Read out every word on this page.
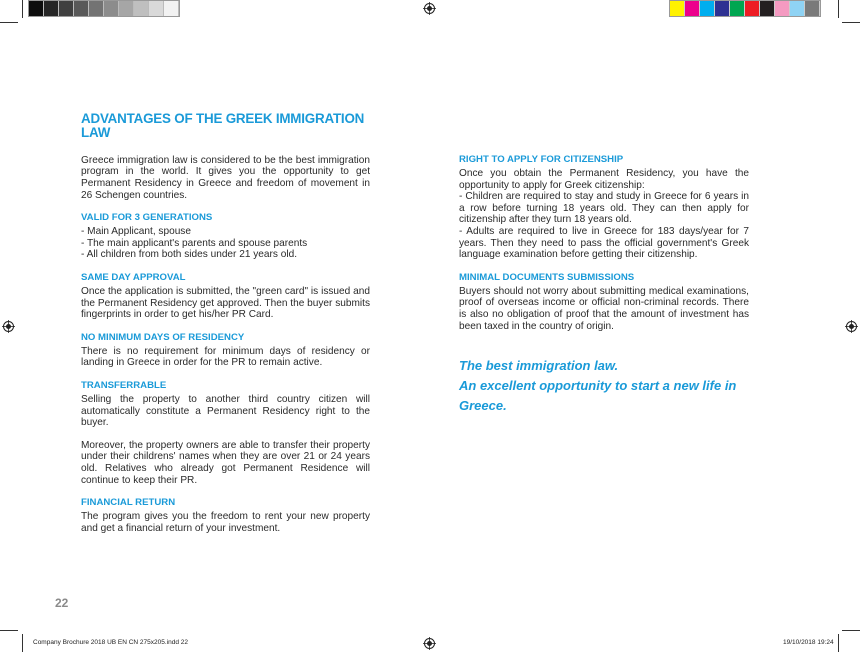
ADVANTAGES OF THE GREEK IMMIGRATION LAW

Greece immigration law is considered to be the best immigration program in the world. It gives you the opportunity to get Permanent Residency in Greece and freedom of movement in 26 Schengen countries.

VALID FOR 3 GENERATIONS

- Main Applicant, spouse
- The main applicant's parents and spouse parents
- All children from both sides under 21 years old.

SAME DAY APPROVAL

Once the application is submitted, the "green card" is issued and the Permanent Residency get approved. Then the buyer submits fingerprints in order to get his/her PR Card.

NO MINIMUM DAYS OF RESIDENCY

There is no requirement for minimum days of residency or landing in Greece in order for the PR to remain active.

TRANSFERRABLE

Selling the property to another third country citizen will automatically constitute a Permanent Residency right to the buyer.

Moreover, the property owners are able to transfer their property under their childrens' names when they are over 21 or 24 years old. Relatives who already got Permanent Residence will continue to keep their PR.

FINANCIAL RETURN

The program gives you the freedom to rent your new property and get a financial return of your investment.

RIGHT TO APPLY FOR CITIZENSHIP

Once you obtain the Permanent Residency, you have the opportunity to apply for Greek citizenship:
- Children are required to stay and study in Greece for 6 years in a row before turning 18 years old. They can then apply for citizenship after they turn 18 years old.
- Adults are required to live in Greece for 183 days/year for 7 years. Then they need to pass the official government's Greek language examination before getting their citizenship.

MINIMAL DOCUMENTS SUBMISSIONS

Buyers should not worry about submitting medical examinations, proof of overseas income or official non-criminal records. There is also no obligation of proof that the amount of investment has been taxed in the country of origin.

The best immigration law.

An excellent opportunity to start a new life in Greece.

22
Company Brochure 2018 UB EN CN 275x205.indd 22	19/10/2018 19:24
